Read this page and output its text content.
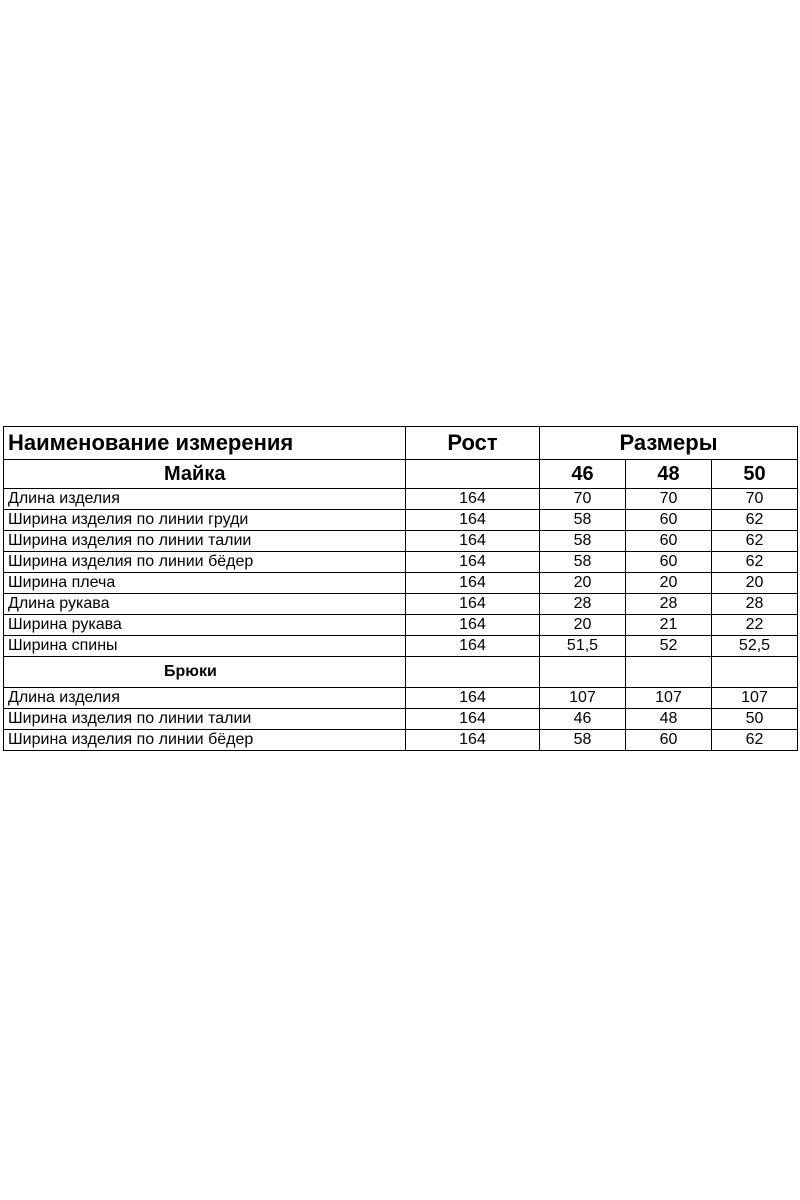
Наименование измерения	Рост	Размеры		
Майка		46	48	50
Длина изделия	164	70	70	70
Ширина изделия по линии груди	164	58	60	62
Ширина изделия по линии талии	164	58	60	62
Ширина изделия по линии бёдер	164	58	60	62
Ширина плеча	164	20	20	20
Длина рукава	164	28	28	28
Ширина рукава	164	20	21	22
Ширина спины	164	51,5	52	52,5
Брюки				
Длина изделия	164	107	107	107
Ширина изделия по линии талии	164	46	48	50
Ширина изделия по линии бёдер	164	58	60	62
